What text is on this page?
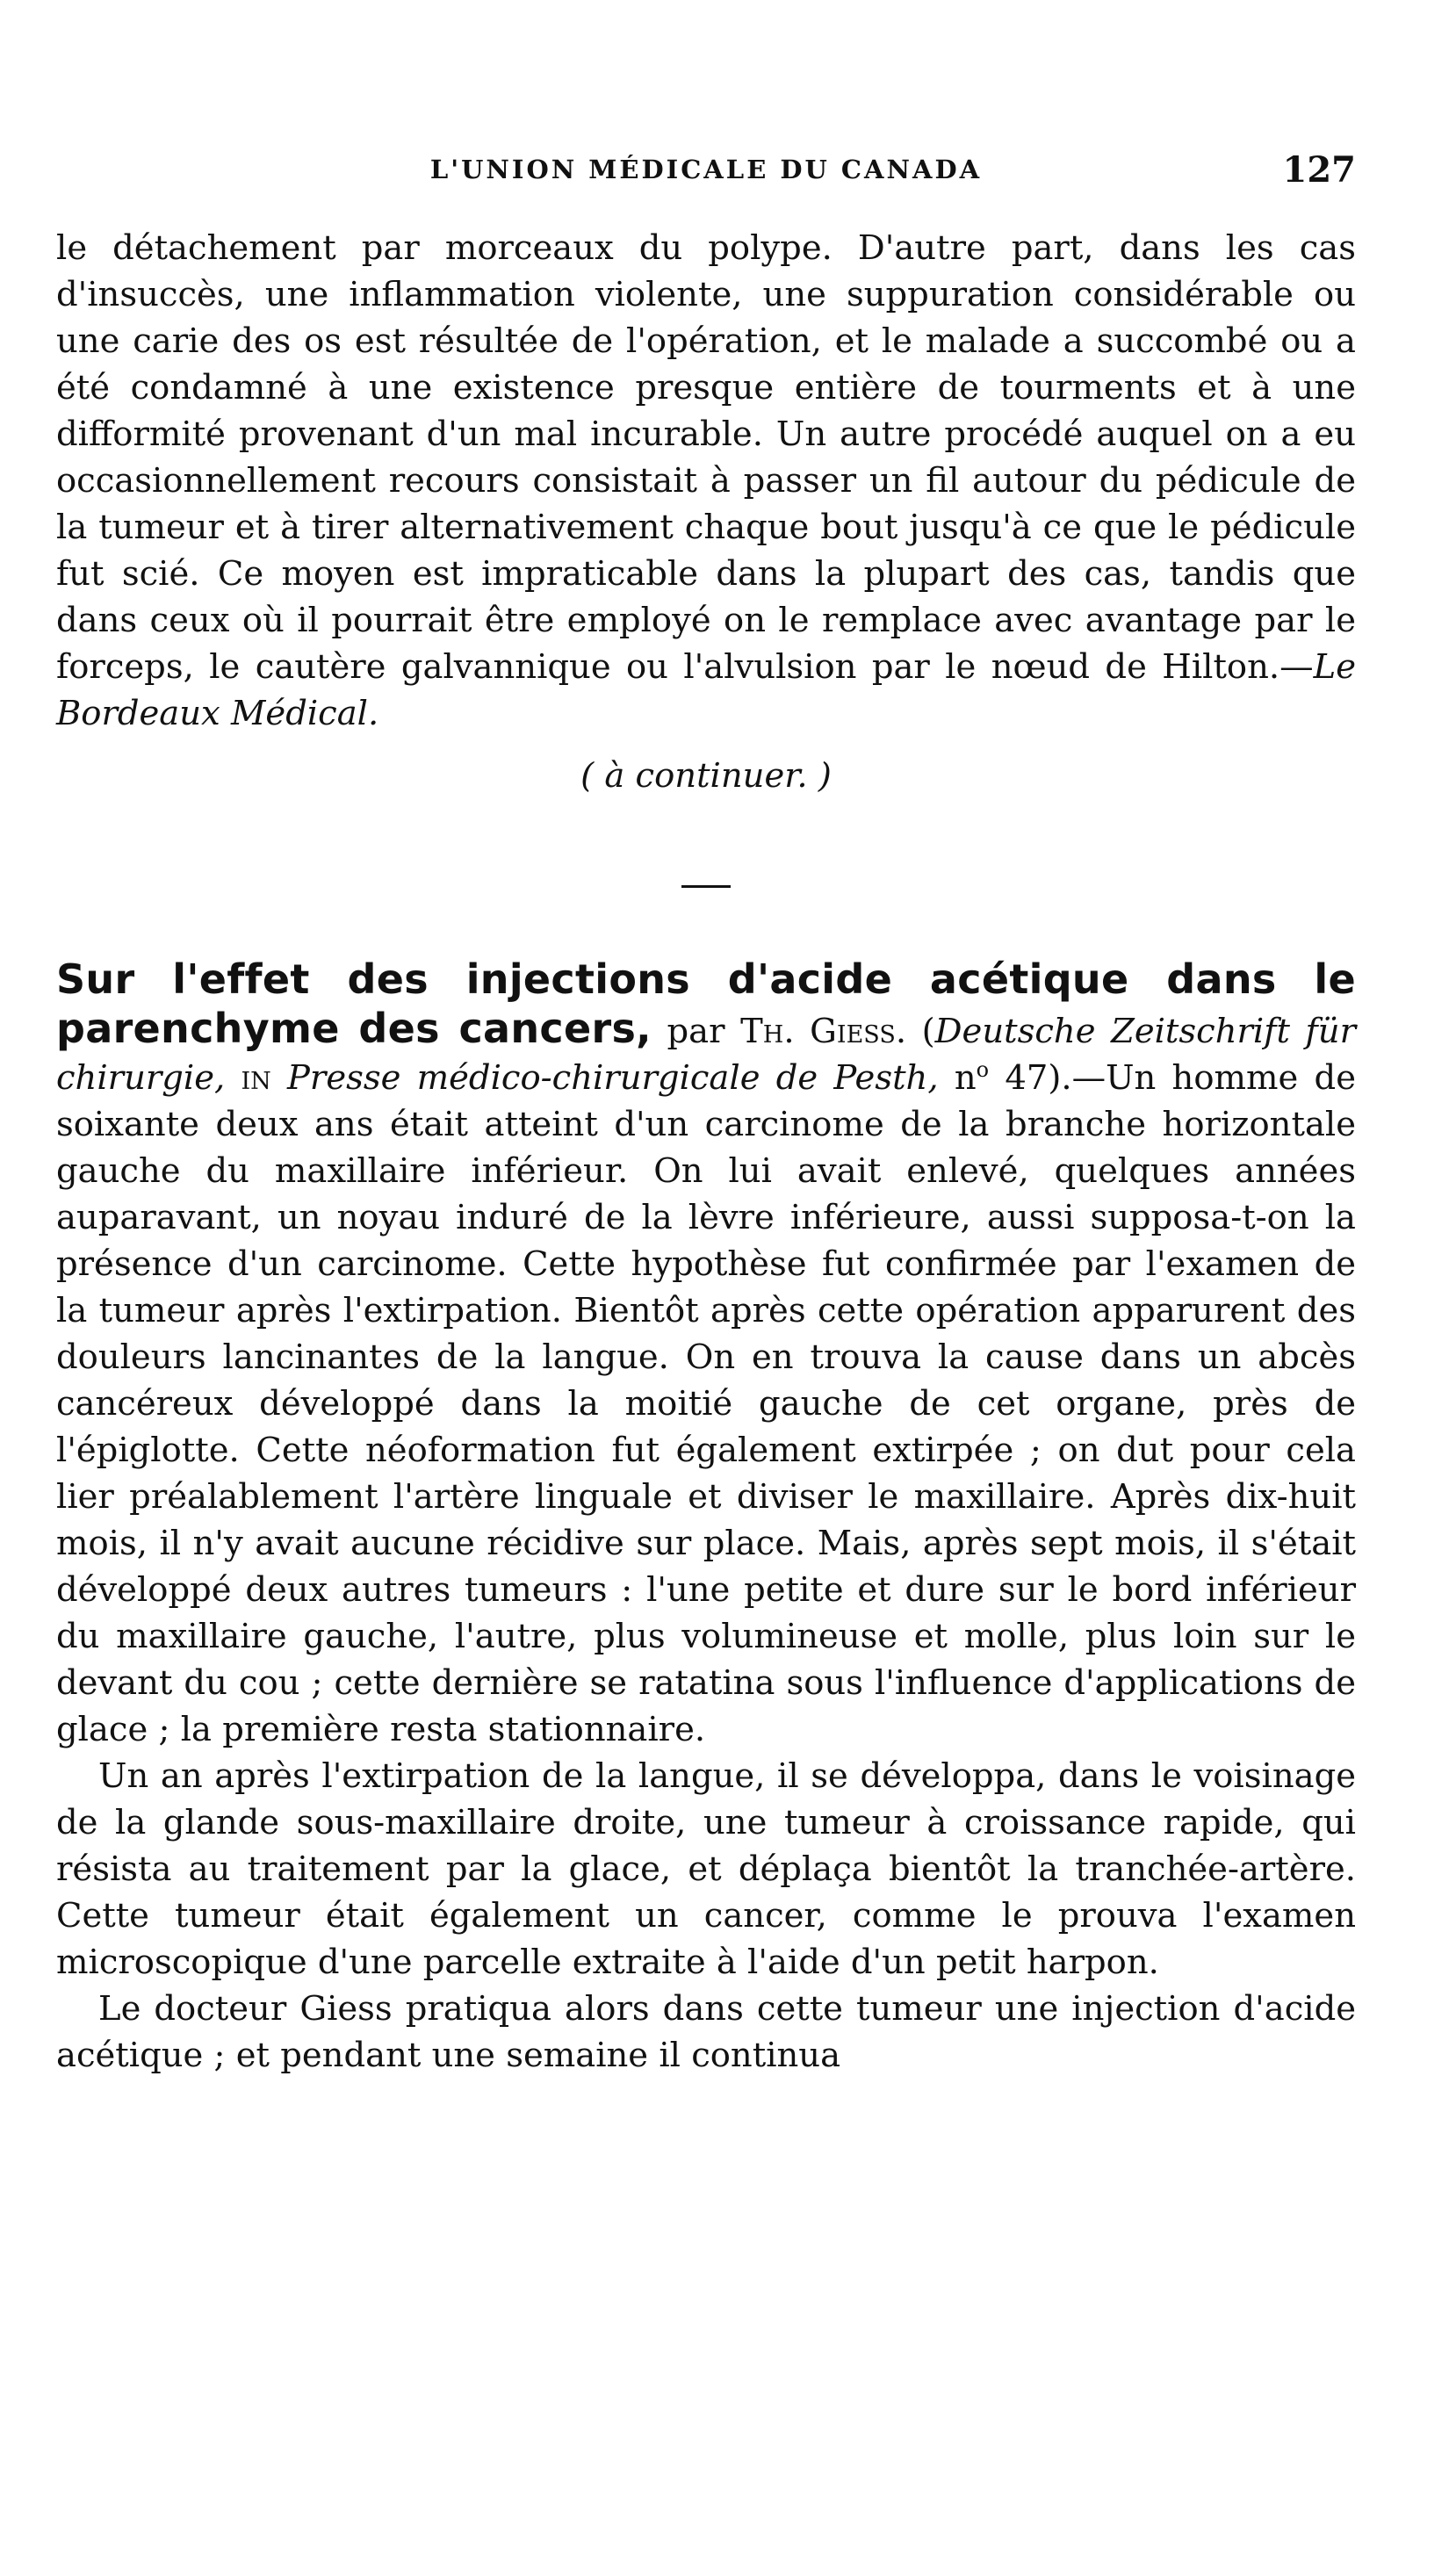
L'UNION MÉDICALE DU CANADA	127

le détachement par morceaux du polype. D'autre part, dans les cas d'insuccès, une inflammation violente, une suppuration considérable ou une carie des os est résultée de l'opération, et le malade a succombé ou a été condamné à une existence presque entière de tourments et à une difformité provenant d'un mal incurable. Un autre procédé auquel on a eu occasionnellement recours consistait à passer un fil autour du pédicule de la tumeur et à tirer alternativement chaque bout jusqu'à ce que le pédicule fut scié. Ce moyen est impraticable dans la plupart des cas, tandis que dans ceux où il pourrait être employé on le remplace avec avantage par le forceps, le cautère galvannique ou l'alvulsion par le nœud de Hilton.—Le Bordeaux Médical.

( à continuer. )

Sur l'effet des injections d'acide acétique dans le parenchyme des cancers, par Th. Giess. (Deutsche Zeitschrift für chirurgie, in Presse médico-chirurgicale de Pesth, $n^o$ 47).—Un homme de soixante deux ans était atteint d'un carcinome de la branche horizontale gauche du maxillaire inférieur. On lui avait enlevé, quelques années auparavant, un noyau induré de la lèvre inférieure, aussi supposa-t-on la présence d'un carcinome. Cette hypothèse fut confirmée par l'examen de la tumeur après l'extirpation. Bientôt après cette opération apparurent des douleurs lancinantes de la langue. On en trouva la cause dans un abcès cancéreux développé dans la moitié gauche de cet organe, près de l'épiglotte. Cette néoformation fut également extirpée ; on dut pour cela lier préalablement l'artère linguale et diviser le maxillaire. Après dix-huit mois, il n'y avait aucune récidive sur place. Mais, après sept mois, il s'était développé deux autres tumeurs : l'une petite et dure sur le bord inférieur du maxillaire gauche, l'autre, plus volumineuse et molle, plus loin sur le devant du cou ; cette dernière se ratatina sous l'influence d'applications de glace ; la première resta stationnaire.

Un an après l'extirpation de la langue, il se développa, dans le voisinage de la glande sous-maxillaire droite, une tumeur à croissance rapide, qui résista au traitement par la glace, et déplaça bientôt la tranchée-artère. Cette tumeur était également un cancer, comme le prouva l'examen microscopique d'une parcelle extraite à l'aide d'un petit harpon.

Le docteur Giess pratiqua alors dans cette tumeur une injection d'acide acétique ; et pendant une semaine il continua
